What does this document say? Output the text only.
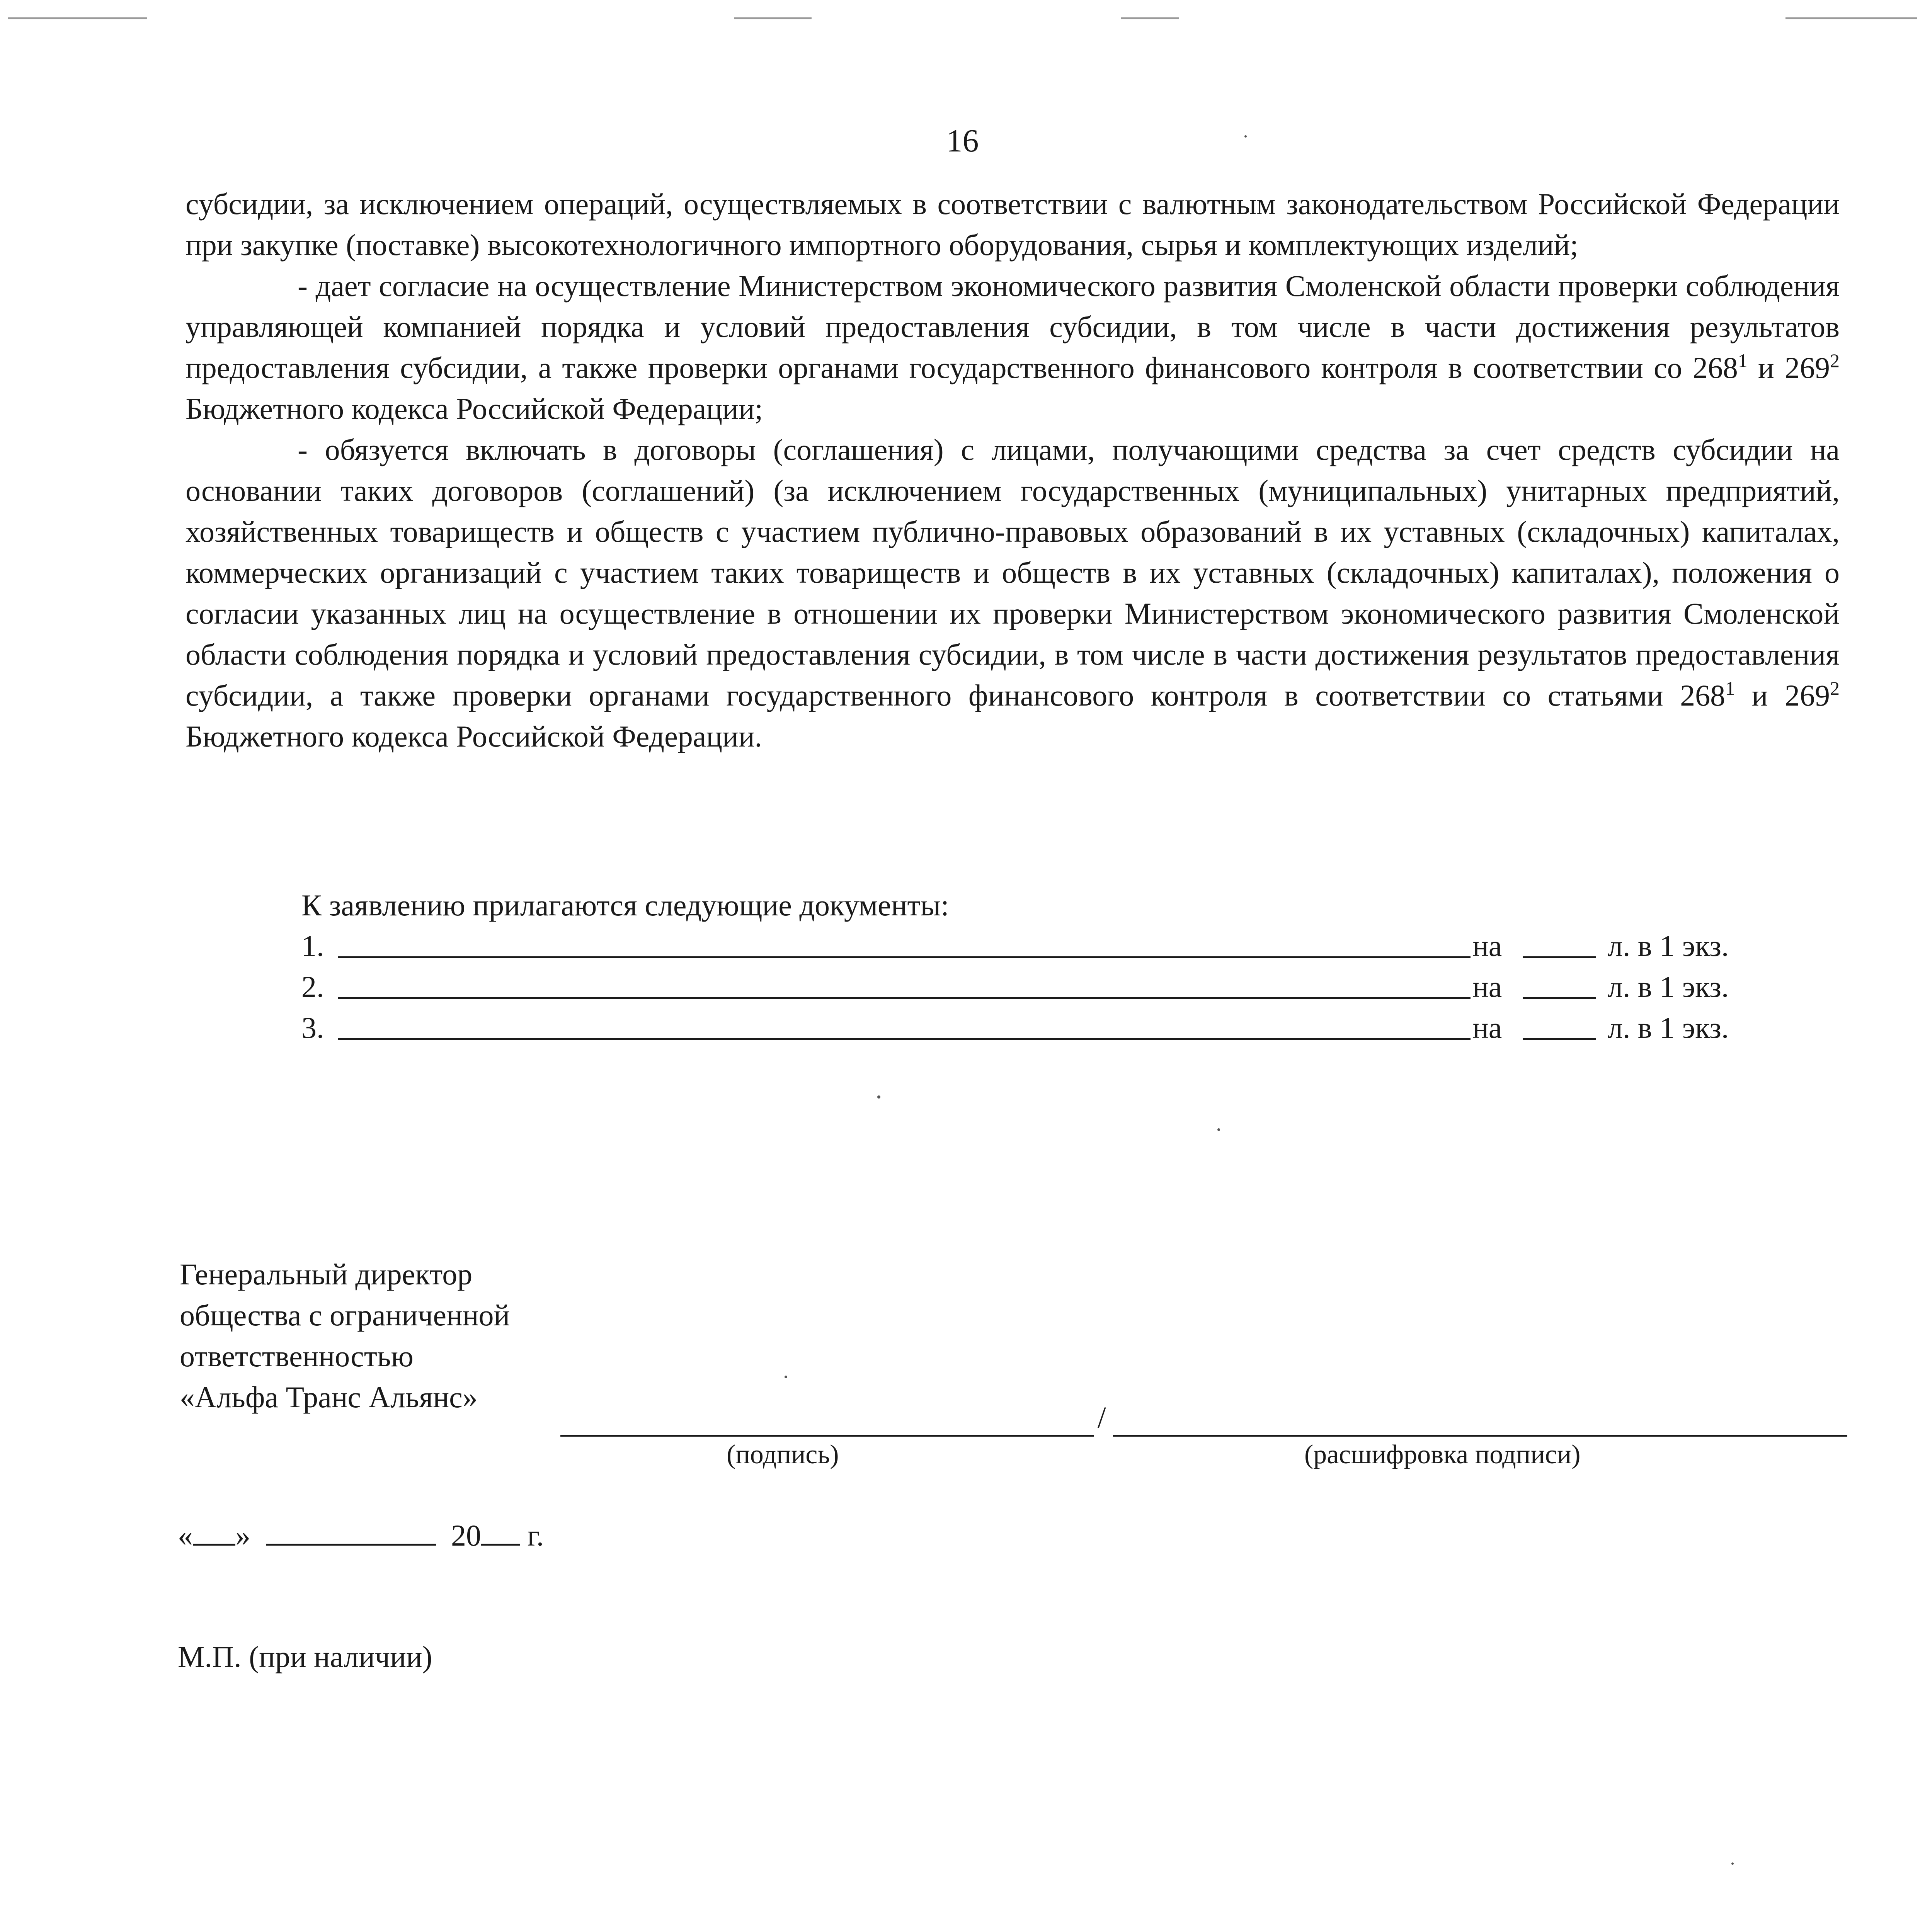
16

субсидии, за исключением операций, осуществляемых в соответствии с валютным законодательством Российской Федерации при закупке (поставке) высокотехнологичного импортного оборудования, сырья и комплектующих изделий;

- дает согласие на осуществление Министерством экономического развития Смоленской области проверки соблюдения управляющей компанией порядка и условий предоставления субсидии, в том числе в части достижения результатов предоставления субсидии, а также проверки органами государственного финансового контроля в соответствии со $268^1$ и $269^2$ Бюджетного кодекса Российской Федерации;

- обязуется включать в договоры (соглашения) с лицами, получающими средства за счет средств субсидии на основании таких договоров (соглашений) (за исключением государственных (муниципальных) унитарных предприятий, хозяйственных товариществ и обществ с участием публично-правовых образований в их уставных (складочных) капиталах, коммерческих организаций с участием таких товариществ и обществ в их уставных (складочных) капиталах), положения о согласии указанных лиц на осуществление в отношении их проверки Министерством экономического развития Смоленской области соблюдения порядка и условий предоставления субсидии, в том числе в части достижения результатов предоставления субсидии, а также проверки органами государственного финансового контроля в соответствии со статьями $268^1$ и $269^2$ Бюджетного кодекса Российской Федерации.

К заявлению прилагаются следующие документы:
1.	на	л. в 1 экз.
2.	на	л. в 1 экз.
3.	на	л. в 1 экз.
Генеральный директор
общества с ограниченной
ответственностью
«Альфа Транс Альянс»
/
(подпись)	(расшифровка подписи)
« »	20 г.
М.П. (при наличии)
